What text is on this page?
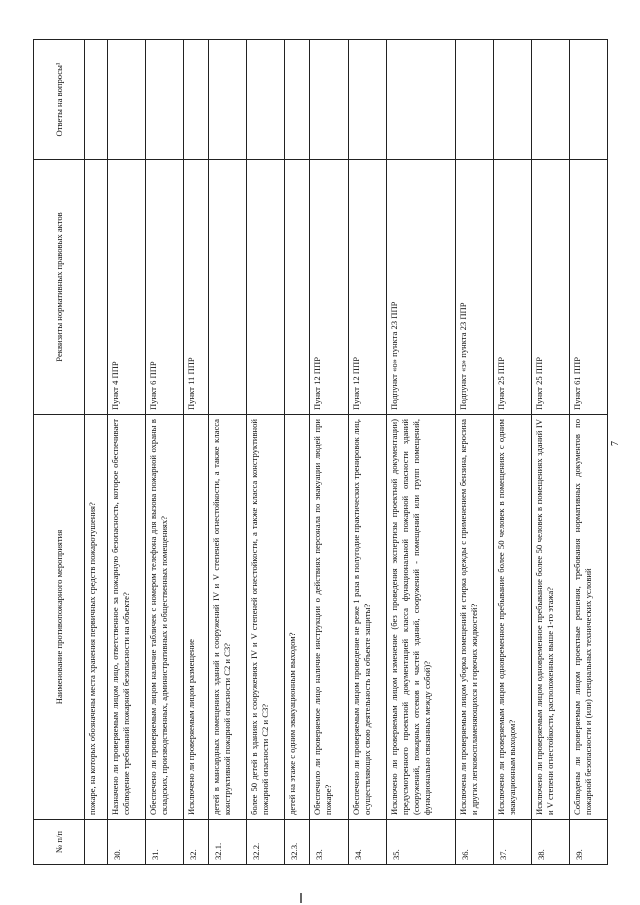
7
№ п/п	Наименование противопожарного мероприятия	Реквизиты нормативных правовых актов	Ответы на вопросы¹
	пожаре, на которых обозначены места хранения первичных средств пожаротушения?		
30.	Назначено ли проверяемым лицом лицо, ответственное за пожарную безопасность, которое обеспечивает соблюдение требований пожарной безопасности на объекте?	Пункт 4 ППР	
31.	Обеспечено ли проверяемым лицом наличие табличек с номером телефона для вызова пожарной охраны в складских, производственных, административных и общественных помещениях?	Пункт 6 ППР	
32.	Исключено ли проверяемым лицом размещение	Пункт 11 ППР	
32.1.	детей в мансардных помещениях зданий и сооружений IV и V степеней огнестойкости, а также класса конструктивной пожарной опасности С2 и С3?		
32.2.	более 50 детей в зданиях и сооружениях IV и V степеней огнестойкости, а также класса конструктивной пожарной опасности С2 и С3?		
32.3.	детей на этаже с одним эвакуационным выходом?		
33.	Обеспечило ли проверяемое лицо наличие инструкции о действиях персонала по эвакуации людей при пожаре?	Пункт 12 ППР	
34.	Обеспечено ли проверяемым лицом проведение не реже 1 раза в полугодие практических тренировок лиц, осуществляющих свою деятельность на объекте защиты?	Пункт 12 ППР	
35.	Исключено ли проверяемым лицом изменение (без проведения экспертизы проектной документации) предусмотренного проектной документацией класса функциональной пожарной опасности зданий (сооружений, пожарных отсеков и частей зданий, сооружений - помещений или групп помещений, функционально связанных между собой)?	Подпункт «о» пункта 23 ППР	
36.	Исключена ли проверяемым лицом уборка помещений и стирка одежды с применением бензина, керосина и других легковоспламеняющихся и горючих жидкостей?	Подпункт «з» пункта 23 ППР	
37.	Исключено ли проверяемым лицом одновременное пребывание более 50 человек в помещениях с одним эвакуационным выходом?	Пункт 25 ППР	
38.	Исключено ли проверяемым лицом одновременное пребывание более 50 человек в помещениях зданий IV и V степени огнестойкости, расположенных выше 1-го этажа?	Пункт 25 ППР	
39.	Соблюдены ли проверяемым лицом проектные решения, требования нормативных документов по пожарной безопасности и (или) специальных технических условий	Пункт 61 ППР	
